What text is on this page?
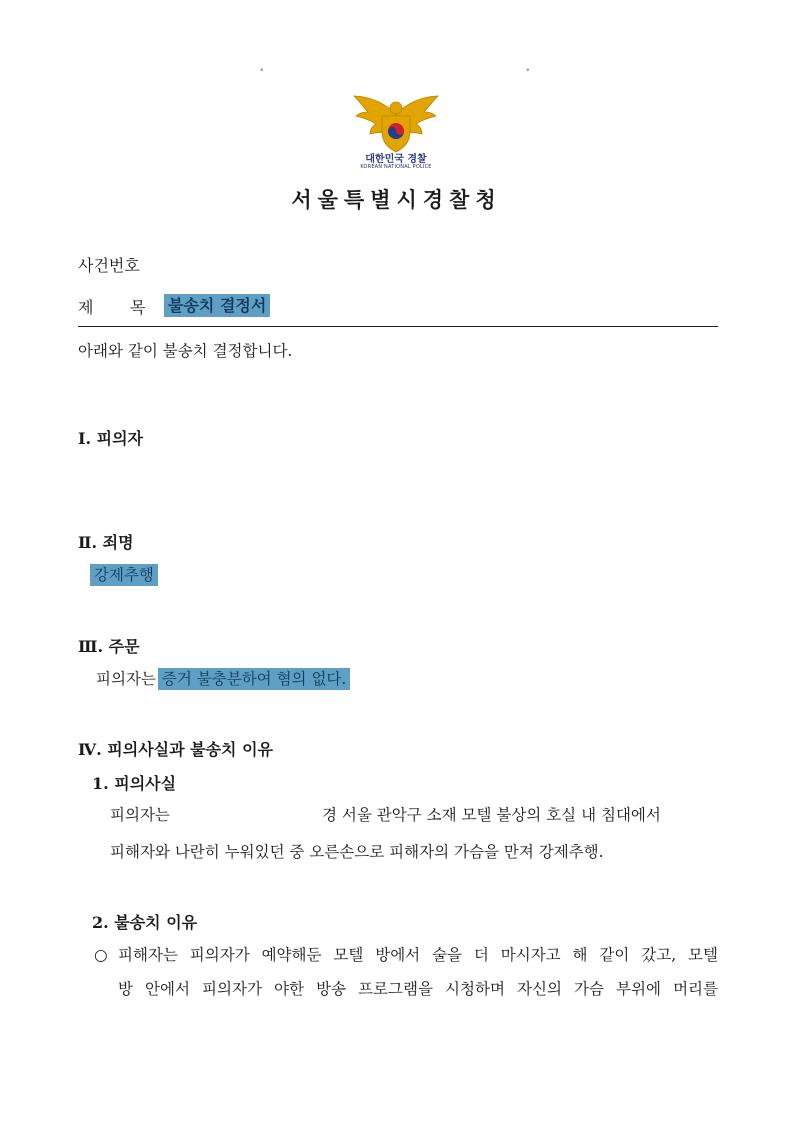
°	°
대한민국 경찰
KOREAN NATIONAL POLICE
서울특별시경찰청
사건번호
제 목 불송치 결정서
아래와 같이 불송치 결정합니다.
Ⅰ. 피의자
Ⅱ. 죄명
강제추행
Ⅲ. 주문
피의자는 증거 불충분하여 혐의 없다.
Ⅳ. 피의사실과 불송치 이유
1. 피의사실
피의자는	경 서울 관악구 소재 모텔 불상의 호실 내 침대에서
피해자와 나란히 누워있던 중 오른손으로 피해자의 가슴을 만져 강제추행.
2. 불송치 이유
○ 피해자는 피의자가 예약해둔 모텔 방에서 술을 더 마시자고 해 같이 갔고, 모텔
방 안에서 피의자가 야한 방송 프로그램을 시청하며 자신의 가슴 부위에 머리를
